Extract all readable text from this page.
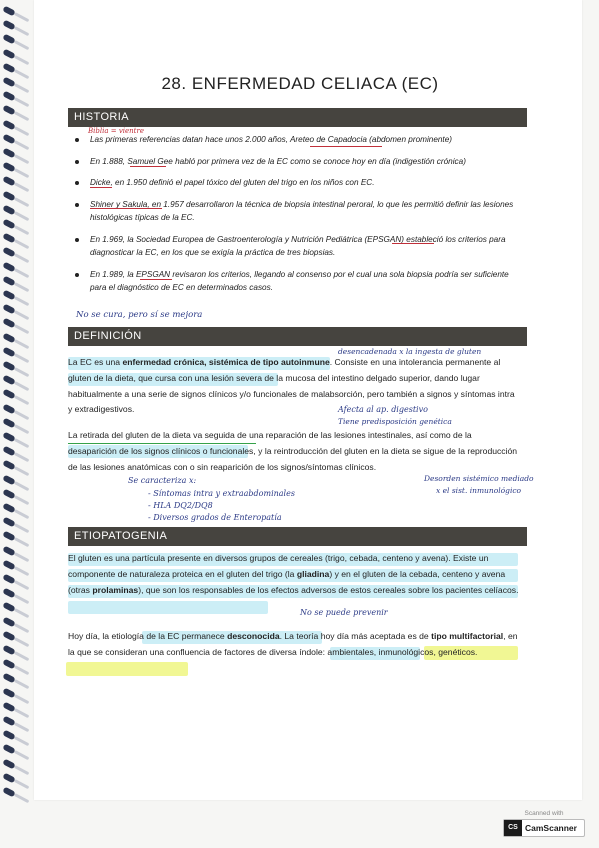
28. ENFERMEDAD CELIACA (EC)
HISTORIA
Biblia = vientre
Las primeras referencias datan hace unos 2.000 años, Areteo de Capadocia (abdomen prominente)
En 1.888, Samuel Gee habló por primera vez de la EC como se conoce hoy en día (indigestión crónica)
Dicke, en 1.950 definió el papel tóxico del gluten del trigo en los niños con EC.
Shiner y Sakula, en 1.957 desarrollaron la técnica de biopsia intestinal peroral, lo que les permitió definir las lesiones histológicas típicas de la EC.
En 1.969, la Sociedad Europea de Gastroenterología y Nutrición Pediátrica (EPSGAN) estableció los criterios para diagnosticar la EC, en los que se exigía la práctica de tres biopsias.
En 1.989, la EPSGAN revisaron los criterios, llegando al consenso por el cual una sola biopsia podría ser suficiente para el diagnóstico de EC en determinados casos.
No se cura, pero sí se mejora
DEFINICIÓN
desencadenada x la ingesta de gluten
La EC es una enfermedad crónica, sistémica de tipo autoinmune. Consiste en una intolerancia permanente al gluten de la dieta, que cursa con una lesión severa de la mucosa del intestino delgado superior, dando lugar habitualmente a una serie de signos clínicos y/o funcionales de malabsorción, pero también a signos y síntomas intra y extradigestivos.	Afecta al ap. digestivo
Tiene predisposición genética
La retirada del gluten de la dieta va seguida de una reparación de las lesiones intestinales, así como de la desaparición de los signos clínicos o funcionales, y la reintroducción del gluten en la dieta se sigue de la reproducción de las lesiones anatómicas con o sin reaparición de los signos/síntomas clínicos.
Se caracteriza x:
- Síntomas intra y extraabdominales
- HLA DQ2/DQ8
- Diversos grados de Enteropatía
Desorden sistémico mediado
x el sist. inmunológico
ETIOPATOGENIA
El gluten es una partícula presente en diversos grupos de cereales (trigo, cebada, centeno y avena). Existe un componente de naturaleza proteica en el gluten del trigo (la gliadina) y en el gluten de la cebada, centeno y avena (otras prolaminas), que son los responsables de los efectos adversos de estos cereales sobre los pacientes celíacos.
No se puede prevenir
Hoy día, la etiología de la EC permanece desconocida. La teoría hoy día más aceptada es de tipo multifactorial, en la que se consideran una confluencia de factores de diversa índole: ambientales, inmunológicos, genéticos.
Scanned with
CS CamScanner
